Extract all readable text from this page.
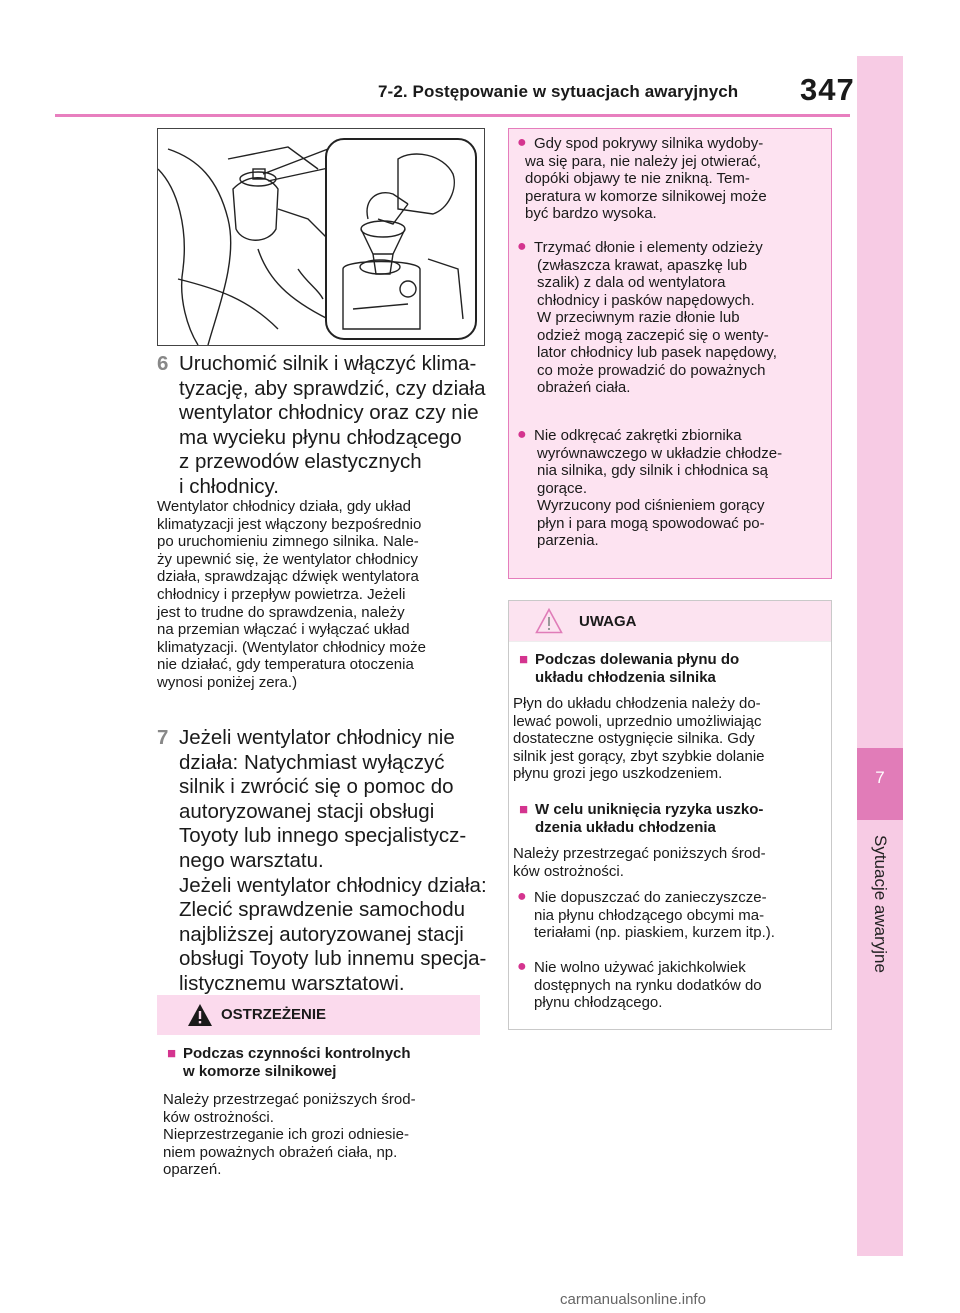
7-2. Postępowanie w sytuacjach awaryjnych 347
7
Sytuacje awaryjne
6 Uruchomić silnik i włączyć klima-
tyzację, aby sprawdzić, czy działa
wentylator chłodnicy oraz czy nie
ma wycieku płynu chłodzącego
z przewodów elastycznych
i chłodnicy.
Wentylator chłodnicy działa, gdy układ
klimatyzacji jest włączony bezpośrednio
po uruchomieniu zimnego silnika. Nale-
ży upewnić się, że wentylator chłodnicy
działa, sprawdzając dźwięk wentylatora
chłodnicy i przepływ powietrza. Jeżeli
jest to trudne do sprawdzenia, należy
na przemian włączać i wyłączać układ
klimatyzacji. (Wentylator chłodnicy może
nie działać, gdy temperatura otoczenia
wynosi poniżej zera.)
7 Jeżeli wentylator chłodnicy nie
działa: Natychmiast wyłączyć
silnik i zwrócić się o pomoc do
autoryzowanej stacji obsługi
Toyoty lub innego specjalistycz-
nego warsztatu.
Jeżeli wentylator chłodnicy działa:
Zlecić sprawdzenie samochodu
najbliższej autoryzowanej stacji
obsługi Toyoty lub innemu specja-
listycznemu warsztatowi.
OSTRZEŻENIE
■ Podczas czynności kontrolnych
w komorze silnikowej
Należy przestrzegać poniższych środ-
ków ostrożności.
Nieprzestrzeganie ich grozi odniesie-
niem poważnych obrażeń ciała, np.
oparzeń.
● Gdy spod pokrywy silnika wydoby-
wa się para, nie należy jej otwierać,
dopóki objawy te nie znikną. Tem-
peratura w komorze silnikowej może
być bardzo wysoka.
● Trzymać dłonie i elementy odzieży
(zwłaszcza krawat, apaszkę lub
szalik) z dala od wentylatora
chłodnicy i pasków napędowych.
W przeciwnym razie dłonie lub
odzież mogą zaczepić się o wenty-
lator chłodnicy lub pasek napędowy,
co może prowadzić do poważnych
obrażeń ciała.
● Nie odkręcać zakrętki zbiornika
wyrównawczego w układzie chłodze-
nia silnika, gdy silnik i chłodnica są
gorące.
Wyrzucony pod ciśnieniem gorący
płyn i para mogą spowodować po-
parzenia.
UWAGA
■ Podczas dolewania płynu do
układu chłodzenia silnika
Płyn do układu chłodzenia należy do-
lewać powoli, uprzednio umożliwiając
dostateczne ostygnięcie silnika. Gdy
silnik jest gorący, zbyt szybkie dolanie
płynu grozi jego uszkodzeniem.
■ W celu uniknięcia ryzyka uszko-
dzenia układu chłodzenia
Należy przestrzegać poniższych środ-
ków ostrożności.
● Nie dopuszczać do zanieczyszcze-
nia płynu chłodzącego obcymi ma-
teriałami (np. piaskiem, kurzem itp.).
● Nie wolno używać jakichkolwiek
dostępnych na rynku dodatków do
płynu chłodzącego.
carmanualsonline.info
